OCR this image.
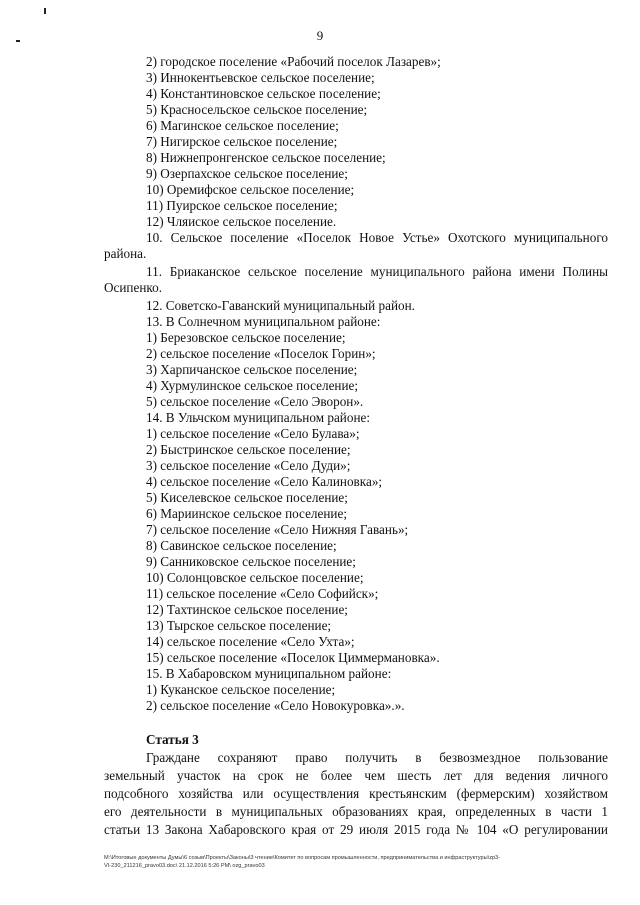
9
2) городское поселение «Рабочий поселок Лазарев»;
3) Иннокентьевское сельское поселение;
4) Константиновское сельское поселение;
5) Красносельское сельское поселение;
6) Магинское сельское поселение;
7) Нигирское сельское поселение;
8) Нижнепронгенское сельское поселение;
9) Озерпахское сельское поселение;
10) Оремифское сельское поселение;
11) Пуирское сельское поселение;
12) Чляиское сельское поселение.
10. Сельское поселение «Поселок Новое Устье» Охотского муниципального
района.
11. Бриаканское сельское поселение муниципального района имени Полины
Осипенко.
12. Советско-Гаванский муниципальный район.
13. В Солнечном муниципальном районе:
1) Березовское сельское поселение;
2) сельское поселение «Поселок Горин»;
3) Харпичанское сельское поселение;
4) Хурмулинское сельское поселение;
5) сельское поселение «Село Эворон».
14. В Ульчском муниципальном районе:
1) сельское поселение «Село Булава»;
2) Быстринское сельское поселение;
3) сельское поселение «Село Дуди»;
4) сельское поселение «Село Калиновка»;
5) Киселевское сельское поселение;
6) Мариинское сельское поселение;
7) сельское поселение «Село Нижняя Гавань»;
8) Савинское сельское поселение;
9) Санниковское сельское поселение;
10) Солонцовское сельское поселение;
11) сельское поселение «Село Софийск»;
12) Тахтинское сельское поселение;
13) Тырское сельское поселение;
14) сельское поселение «Село Ухта»;
15) сельское поселение «Поселок Циммермановка».
15. В Хабаровском муниципальном районе:
1) Куканское сельское поселение;
2) сельское поселение «Село Новокуровка».».
Статья 3
Граждане сохраняют право получить в безвозмездное пользование
земельный участок на срок не более чем шесть лет для ведения личного
подсобного хозяйства или осуществления крестьянским (фермерским) хозяйством
его деятельности в муниципальных образованиях края, определенных в части 1
статьи 13 Закона Хабаровского края от 29 июля 2015 года № 104 «О регулировании
M:\Итоговые документы Думы\6 созыв\Проекты\Законы\3 чтение\Комитет по вопросам промышленности, предпринимательства и инфраструктуры\zp3-
VI-230_211216_pravo03.doc\ 21.12.2016 5:26 PM\ ozg_pravo03
